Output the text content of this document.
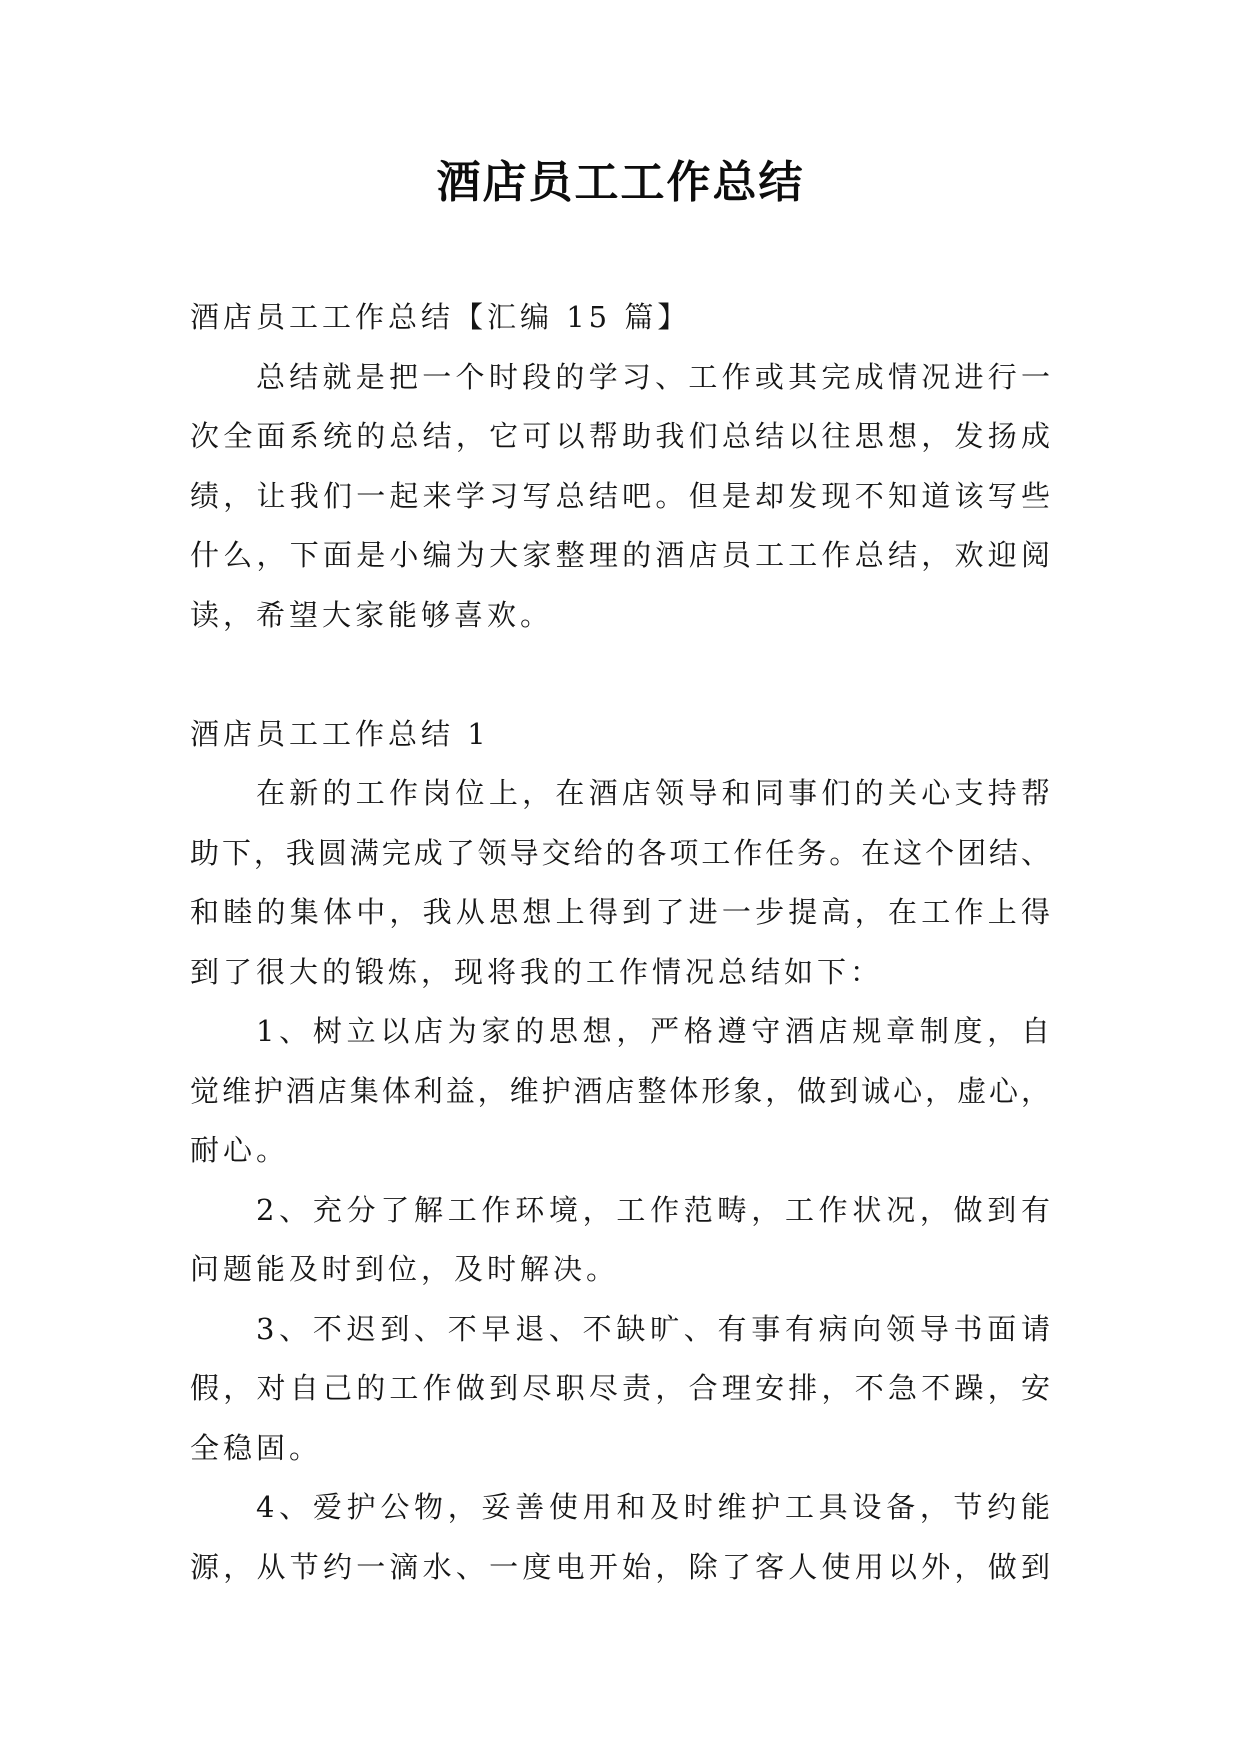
酒店员工工作总结
酒店员工工作总结【汇编 15 篇】
总结就是把一个时段的学习、工作或其完成情况进行一
次全面系统的总结，它可以帮助我们总结以往思想，发扬成
绩，让我们一起来学习写总结吧。但是却发现不知道该写些
什么，下面是小编为大家整理的酒店员工工作总结，欢迎阅
读，希望大家能够喜欢。
酒店员工工作总结 1
在新的工作岗位上，在酒店领导和同事们的关心支持帮
助下，我圆满完成了领导交给的各项工作任务。在这个团结、
和睦的集体中，我从思想上得到了进一步提高，在工作上得
到了很大的锻炼，现将我的工作情况总结如下：
1、树立以店为家的思想，严格遵守酒店规章制度，自
觉维护酒店集体利益，维护酒店整体形象，做到诚心，虚心，
耐心。
2、充分了解工作环境，工作范畴，工作状况，做到有
问题能及时到位，及时解决。
3、不迟到、不早退、不缺旷、有事有病向领导书面请
假，对自己的工作做到尽职尽责，合理安排，不急不躁，安
全稳固。
4、爱护公物，妥善使用和及时维护工具设备，节约能
源，从节约一滴水、一度电开始，除了客人使用以外，做到
